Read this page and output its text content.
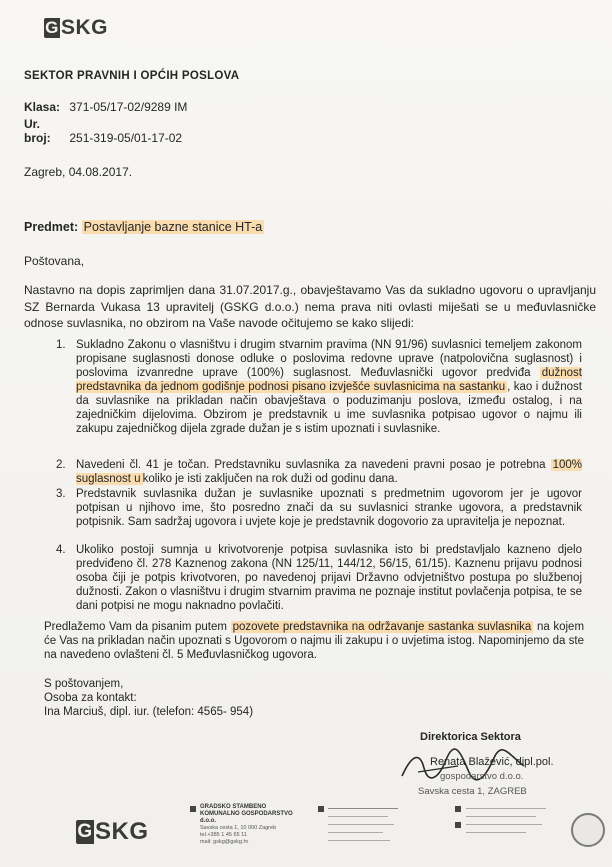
G SKG
SEKTOR PRAVNIH I OPĆIH POSLOVA
Klasa: 371-05/17-02/9289 IM
Ur. broj: 251-319-05/01-17-02
Zagreb, 04.08.2017.
Predmet: Postavljanje bazne stanice HT-a
Poštovana,
Nastavno na dopis zaprimljen dana 31.07.2017.g., obavještavamo Vas da sukladno ugovoru o upravljanju SZ Bernarda Vukasa 13 upravitelj (GSKG d.o.o.) nema prava niti ovlasti miješati se u međuvlasničke odnose suvlasnika, no obzirom na Vaše navode očitujemo se kako slijedi:
1. Sukladno Zakonu o vlasništvu i drugim stvarnim pravima (NN 91/96) suvlasnici temeljem zakonom propisane suglasnosti donose odluke o poslovima redovne uprave (natpolovična suglasnost) i poslovima izvanredne uprave (100%) suglasnost. Međuvlasnički ugovor predviđa dužnost predstavnika da jednom godišnje podnosi pisano izvješće suvlasnicima na sastanku , kao i dužnost da suvlasnike na prikladan način obavještava o poduzimanju poslova, između ostalog, i na zajedničkim dijelovima. Obzirom je predstavnik u ime suvlasnika potpisao ugovor o najmu ili zakupu zajedničkog dijela zgrade dužan je s istim upoznati i suvlasnike.
2. Navedeni čl. 41 je točan. Predstavniku suvlasnika za navedeni pravni posao je potrebna 100% suglasnost u koliko je isti zaključen na rok duži od godinu dana.
3. Predstavnik suvlasnika dužan je suvlasnike upoznati s predmetnim ugovorom jer je ugovor potpisan u njihovo ime, što posredno znači da su suvlasnici stranke ugovora, a predstavnik potpisnik. Sam sadržaj ugovora i uvjete koje je predstavnik dogovorio za upravitelja je nepoznat.
4. Ukoliko postoji sumnja u krivotvorenje potpisa suvlasnika isto bi predstavljalo kazneno djelo predviđeno čl. 278 Kaznenog zakona (NN 125/11, 144/12, 56/15, 61/15). Kaznenu prijavu podnosi osoba čiji je potpis krivotvoren, po navedenoj prijavi Državno odvjetništvo postupa po službenoj dužnosti. Zakon o vlasništvu i drugim stvarnim pravima ne poznaje institut povlačenja potpisa, te se dani potpisi ne mogu naknadno povlačiti.
Predlažemo Vam da pisanim putem pozovete predstavnika na održavanje sastanka suvlasnika na kojem će Vas na prikladan način upoznati s Ugovorom o najmu ili zakupu i o uvjetima istog. Napominjemo da ste na navedeno ovlašteni čl. 5 Međuvlasničkog ugovora.
S poštovanjem,
Osoba za kontakt:
Ina Marciuš, dipl. iur. (telefon: 4565- 954)
Direktorica Sektora
Renata Blažević, dipl.pol.
gospodarstvo d.o.o.
Savska cesta 1, ZAGREB
G SKG
GRADSKO STAMBENO KOMUNALNO GOSPODARSTVO d.o.o.
Savska cesta 1, 10 000 Zagreb
tel.+385 1 45 65 11
mail: gskg@gskg.hr
